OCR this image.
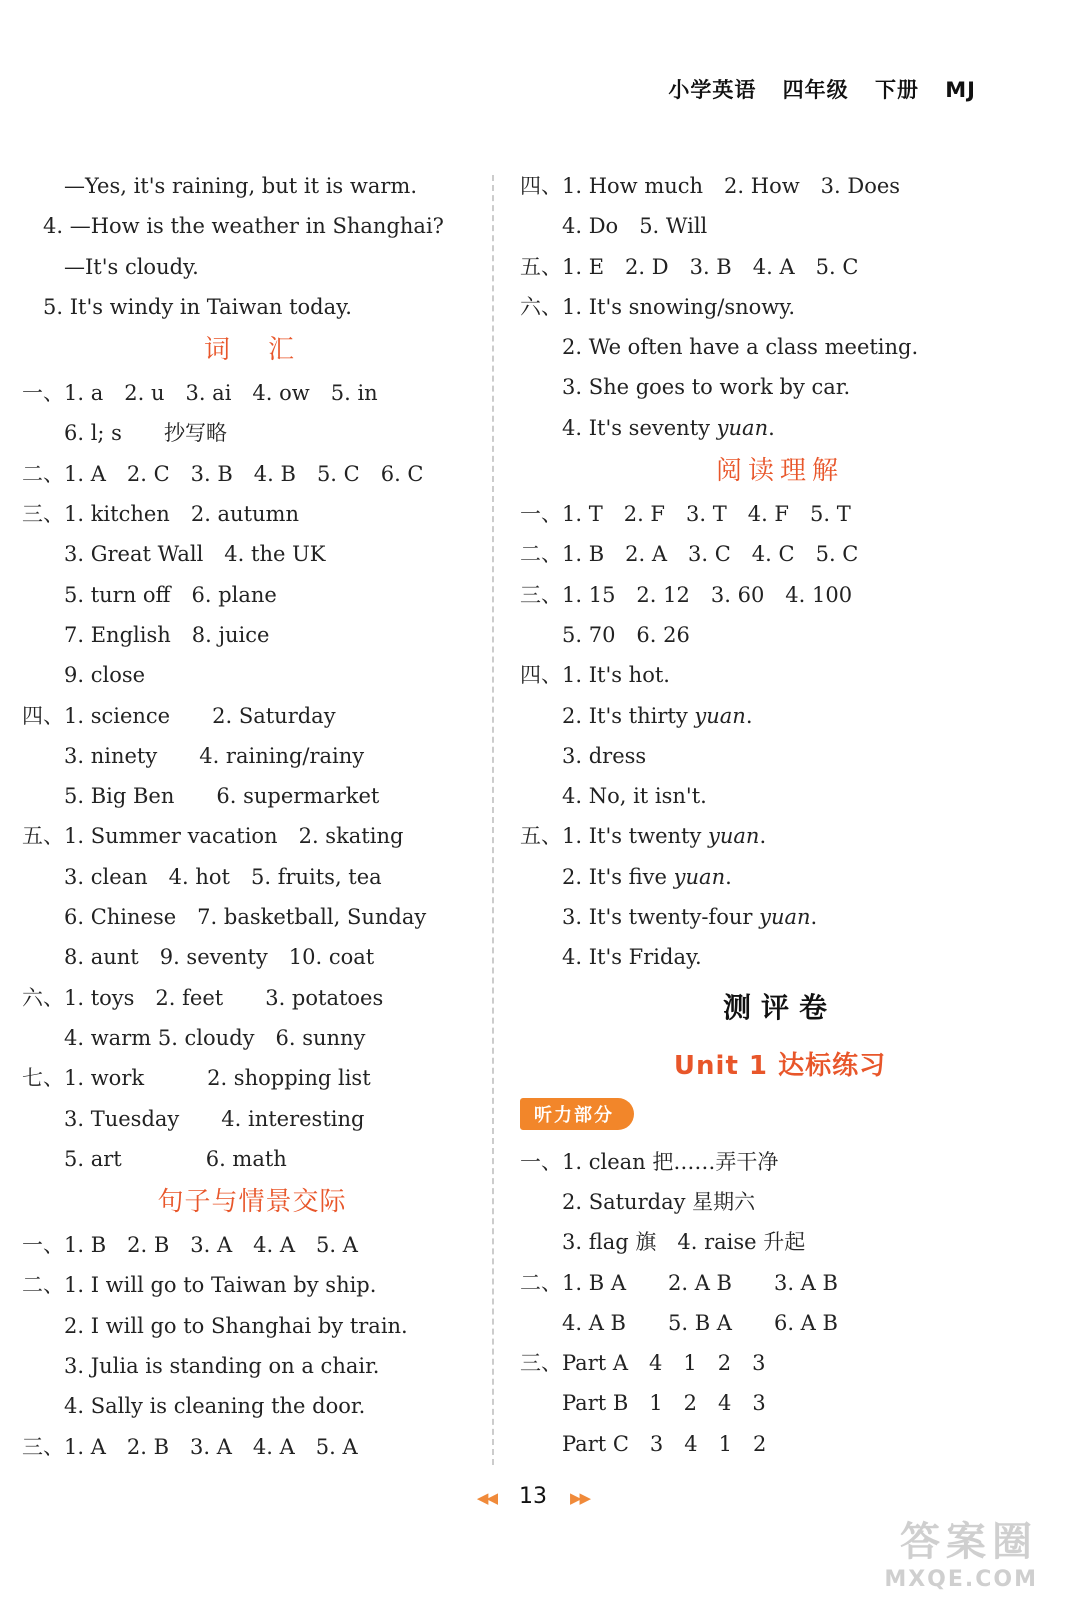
小学英语 四年级 下册 MJ
　　—Yes, it's raining, but it is warm.
　4. —How is the weather in Shanghai?
　　—It's cloudy.
　5. It's windy in Taiwan today.
词　汇
一、1. a　2. u　3. ai　4. ow　5. in
　　6. l; s　　抄写略
二、1. A　2. C　3. B　4. B　5. C　6. C
三、1. kitchen　2. autumn
　　3. Great Wall　4. the UK
　　5. turn off　6. plane
　　7. English　8. juice
　　9. close
四、1. science　　2. Saturday
　　3. ninety　　4. raining/rainy
　　5. Big Ben　　6. supermarket
五、1. Summer vacation　2. skating
　　3. clean　4. hot　5. fruits, tea
　　6. Chinese　7. basketball, Sunday
　　8. aunt　9. seventy　10. coat
六、1. toys　2. feet　　3. potatoes
　　4. warm 5. cloudy　6. sunny
七、1. work　　　2. shopping list
　　3. Tuesday　　4. interesting
　　5. art　　　　6. math
句子与情景交际
一、1. B　2. B　3. A　4. A　5. A
二、1. I will go to Taiwan by ship.
　　2. I will go to Shanghai by train.
　　3. Julia is standing on a chair.
　　4. Sally is cleaning the door.
三、1. A　2. B　3. A　4. A　5. A
四、1. How much　2. How　3. Does
　　4. Do　5. Will
五、1. E　2. D　3. B　4. A　5. C
六、1. It's snowing/snowy.
　　2. We often have a class meeting.
　　3. She goes to work by car.
　　4. It's seventy yuan.
阅读理解
一、1. T　2. F　3. T　4. F　5. T
二、1. B　2. A　3. C　4. C　5. C
三、1. 15　2. 12　3. 60　4. 100
　　5. 70　6. 26
四、1. It's hot.
　　2. It's thirty yuan.
　　3. dress
　　4. No, it isn't.
五、1. It's twenty yuan.
　　2. It's five yuan.
　　3. It's twenty-four yuan.
　　4. It's Friday.
测评卷
Unit 1 达标练习
听力部分
一、1. clean 把……弄干净
　　2. Saturday 星期六
　　3. flag 旗　4. raise 升起
二、1. B A　　2. A B　　3. A B
　　4. A B　　5. B A　　6. A B
三、Part A　4　1　2　3
　　Part B　1　2　4　3
　　Part C　3　4　1　2
◀◀ 13 ▶▶
答案圈
MXQE.COM
